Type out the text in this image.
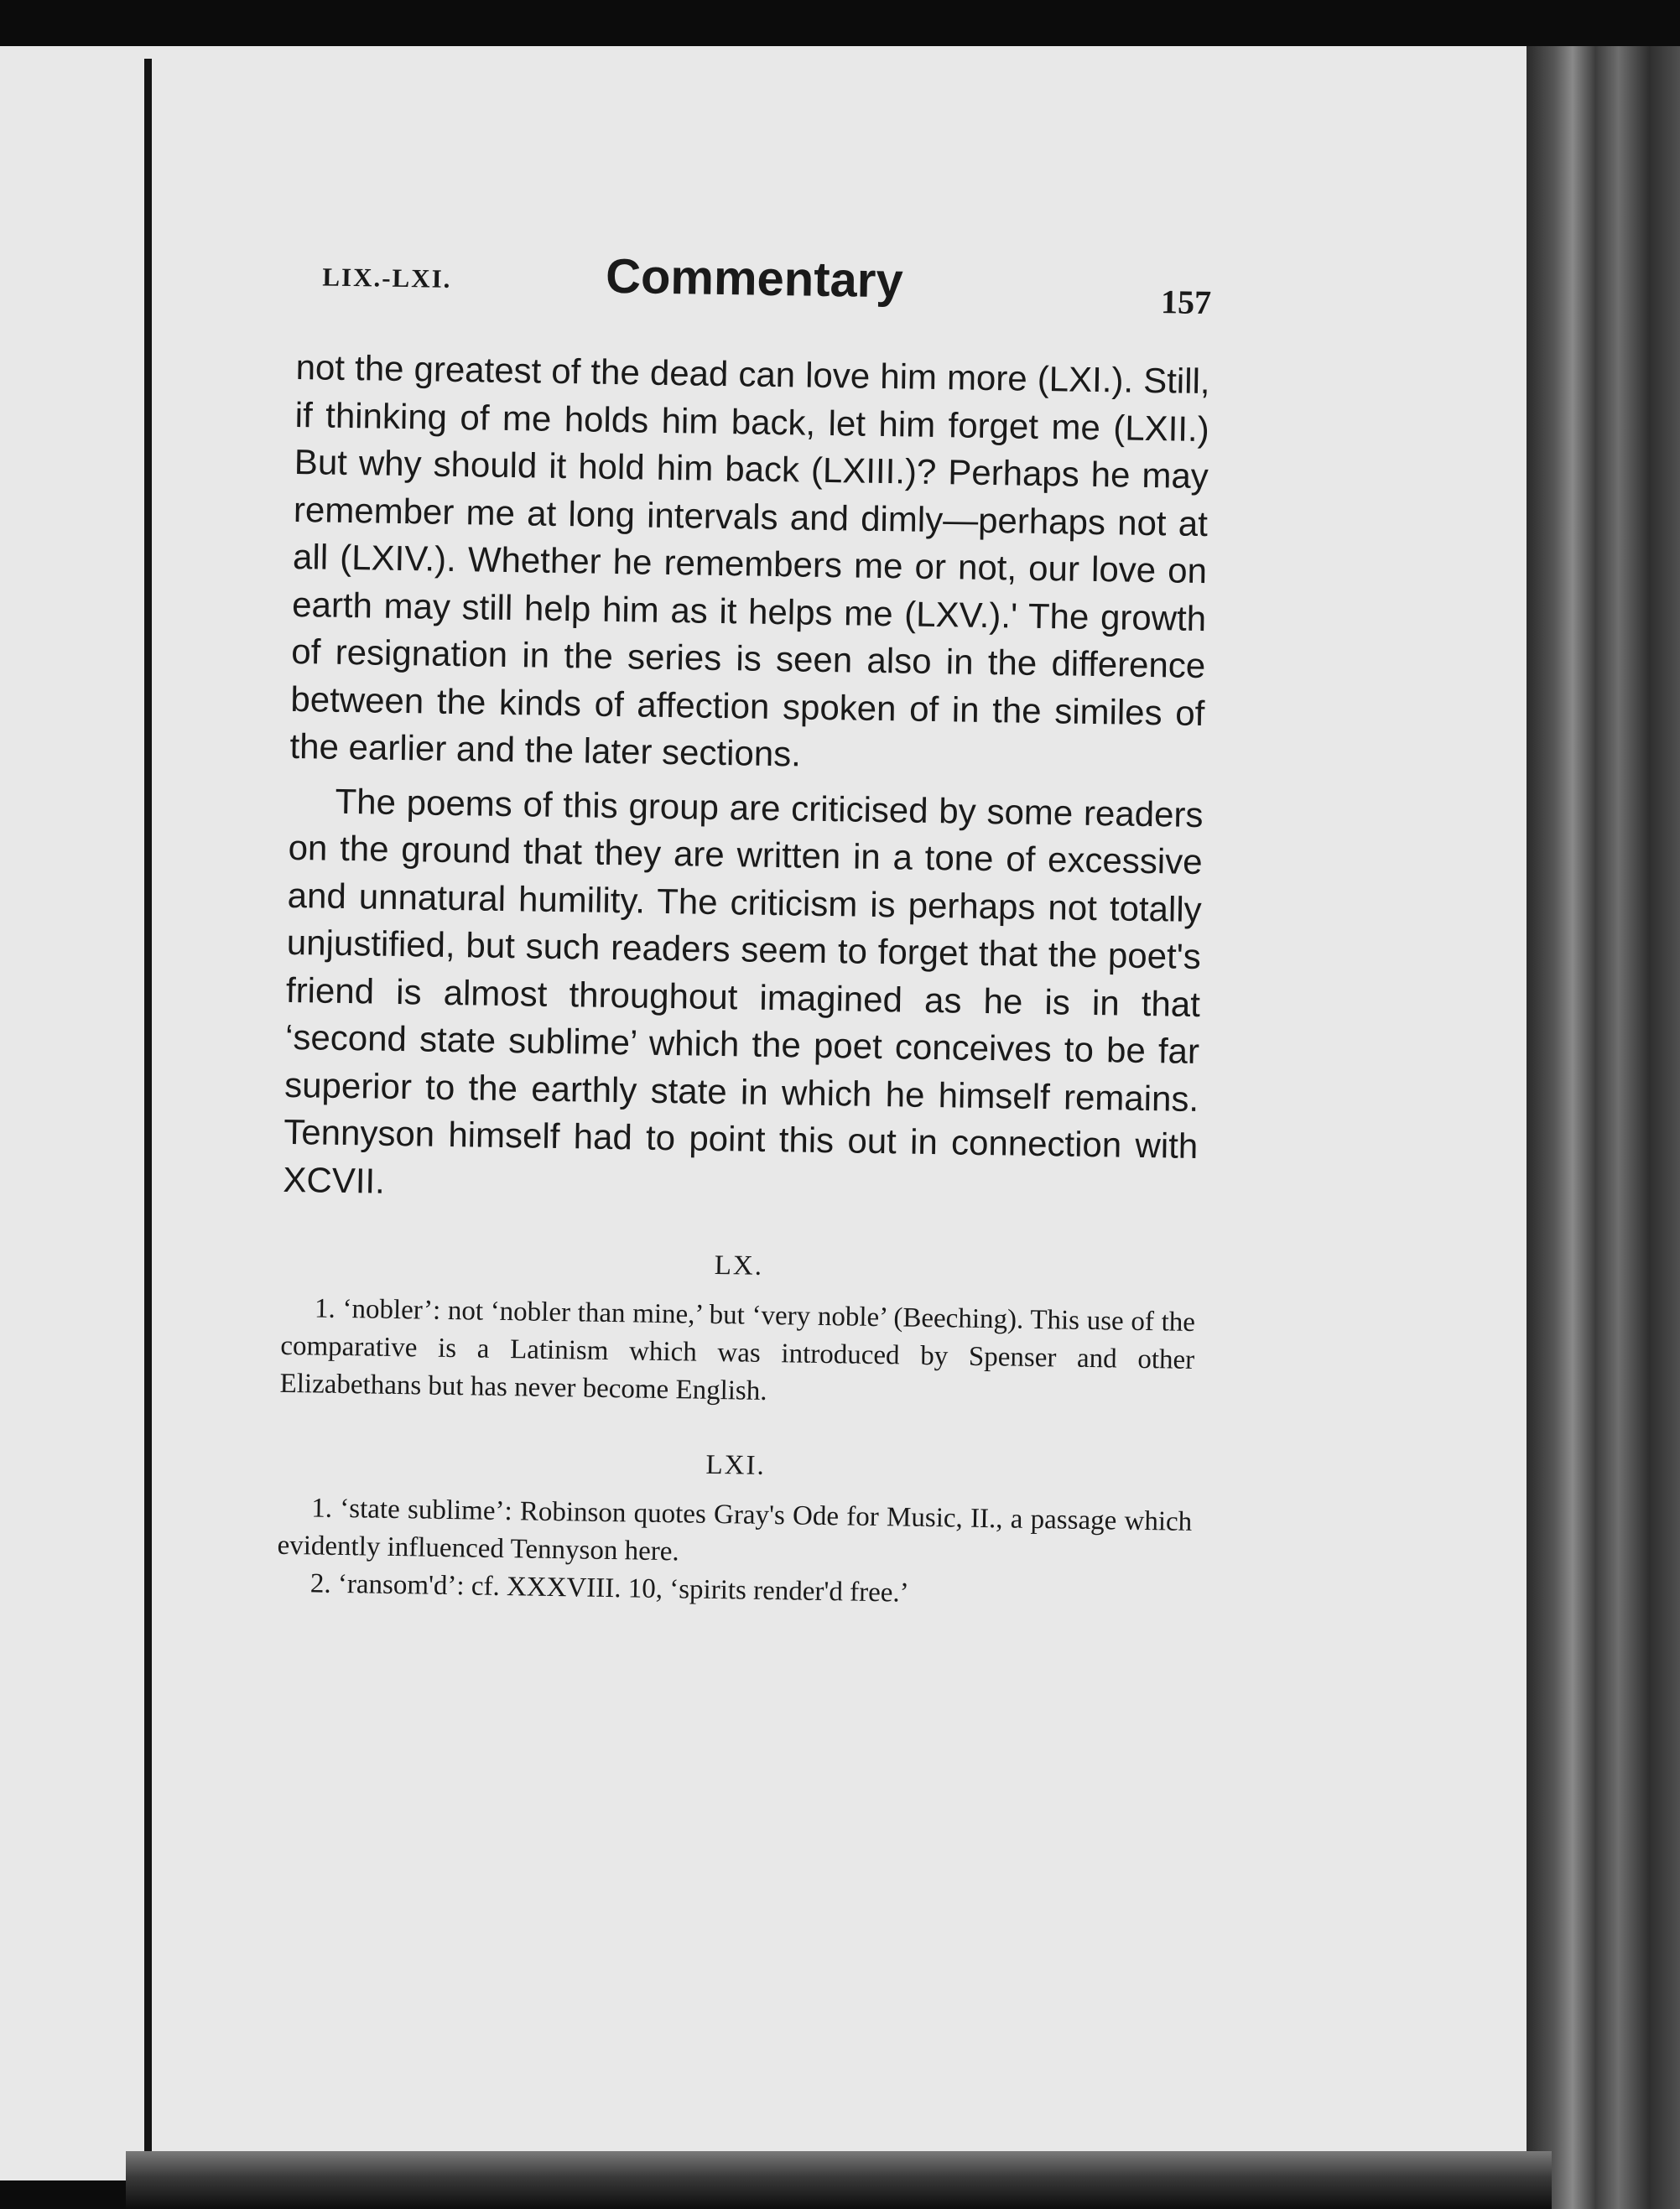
LIX.-LXI.	Commentary	157

not the greatest of the dead can love him more (LXI.). Still, if thinking of me holds him back, let him forget me (LXII.) But why should it hold him back (LXIII.)? Perhaps he may remember me at long intervals and dimly—perhaps not at all (LXIV.). Whether he remembers me or not, our love on earth may still help him as it helps me (LXV.).' The growth of resignation in the series is seen also in the difference between the kinds of affection spoken of in the similes of the earlier and the later sections.

The poems of this group are criticised by some readers on the ground that they are written in a tone of excessive and unnatural humility. The criticism is perhaps not totally unjustified, but such readers seem to forget that the poet's friend is almost throughout imagined as he is in that ‘second state sublime’ which the poet conceives to be far superior to the earthly state in which he himself remains. Tennyson himself had to point this out in connection with XCVII.

LX.

1. ‘nobler’: not ‘nobler than mine,’ but ‘very noble’ (Beeching). This use of the comparative is a Latinism which was introduced by Spenser and other Elizabethans but has never become English.

LXI.

1. ‘state sublime’: Robinson quotes Gray's Ode for Music, II., a passage which evidently influenced Tennyson here.

2. ‘ransom'd’: cf. XXXVIII. 10, ‘spirits render'd free.’
